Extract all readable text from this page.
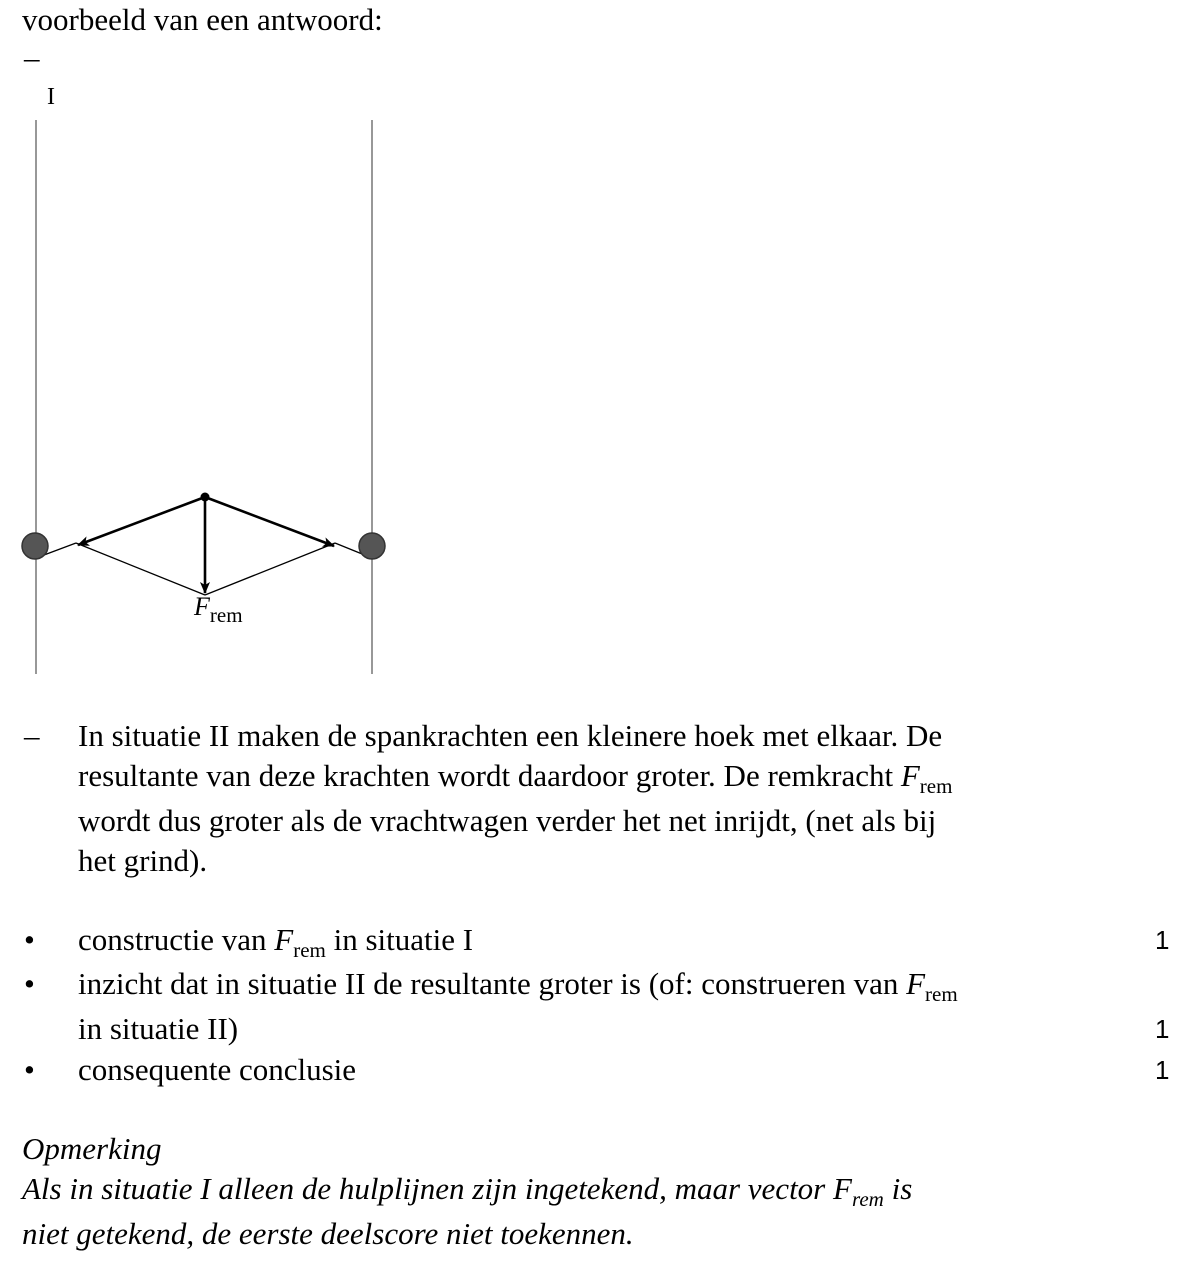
voorbeeld van een antwoord:
–
I
$F_{rem}$
– In situatie II maken de spankrachten een kleinere hoek met elkaar. De
resultante van deze krachten wordt daardoor groter. De remkracht $F_{rem}$
wordt dus groter als de vrachtwagen verder het net inrijdt, (net als bij
het grind).
• constructie van $F_{rem}$ in situatie I	1
• inzicht dat in situatie II de resultante groter is (of: construeren van $F_{rem}$
in situatie II)	1
• consequente conclusie	1
Opmerking
Als in situatie I alleen de hulplijnen zijn ingetekend, maar vector $F_{rem}$ is
niet getekend, de eerste deelscore niet toekennen.
